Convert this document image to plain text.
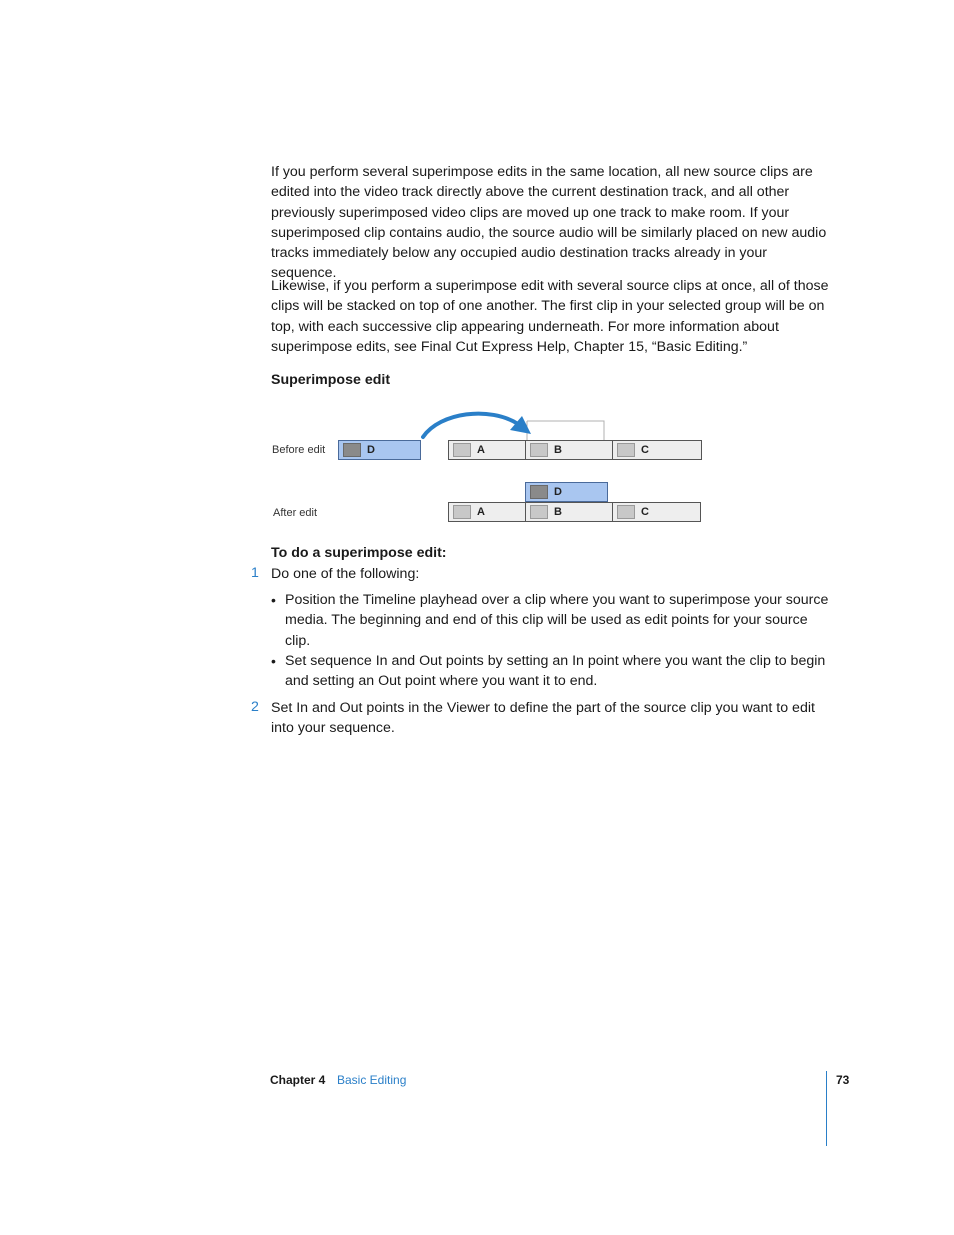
If you perform several superimpose edits in the same location, all new source clips are edited into the video track directly above the current destination track, and all other previously superimposed video clips are moved up one track to make room. If your superimposed clip contains audio, the source audio will be similarly placed on new audio tracks immediately below any occupied audio destination tracks already in your sequence.

Likewise, if you perform a superimpose edit with several source clips at once, all of those clips will be stacked on top of one another. The first clip in your selected group will be on top, with each successive clip appearing underneath. For more information about superimpose edits, see Final Cut Express Help, Chapter 15, “Basic Editing.”

Superimpose edit
Before edit
After edit
D	A	B	C
D
A	B	C
To do a superimpose edit:
1 Do one of the following:

• Position the Timeline playhead over a clip where you want to superimpose your source media. The beginning and end of this clip will be used as edit points for your source clip.

• Set sequence In and Out points by setting an In point where you want the clip to begin and setting an Out point where you want it to end.

2 Set In and Out points in the Viewer to define the part of the source clip you want to edit into your sequence.

Chapter 4 Basic Editing	73
